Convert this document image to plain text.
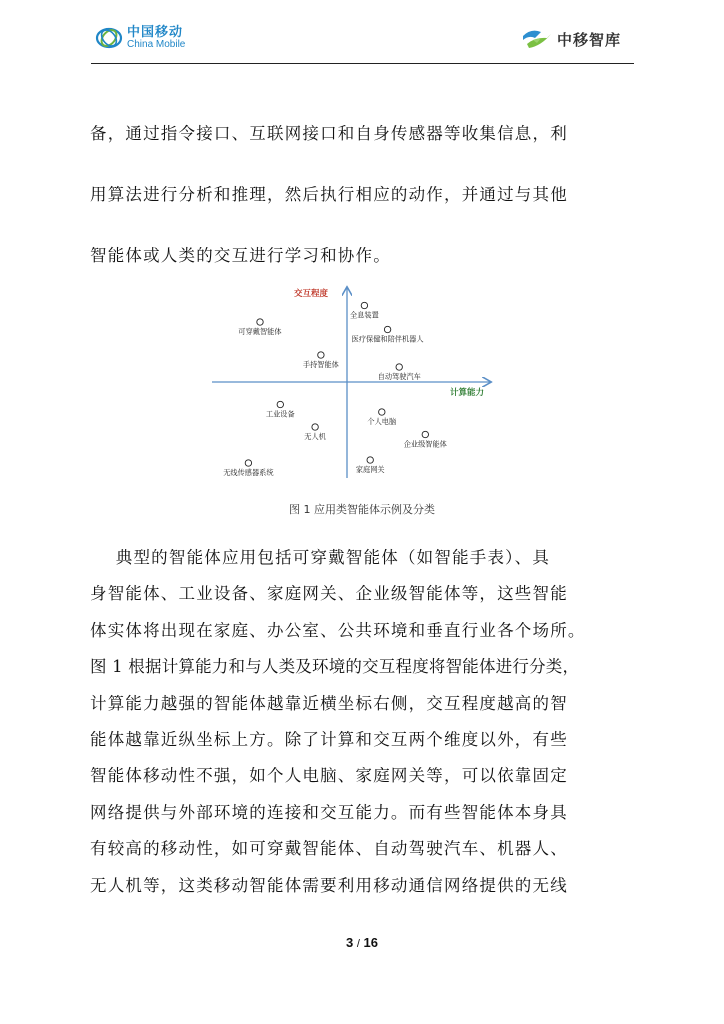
中国移动
China Mobile	中移智库
备，通过指令接口、互联网接口和自身传感器等收集信息，利
用算法进行分析和推理，然后执行相应的动作，并通过与其他
智能体或人类的交互进行学习和协作。
交互程度
计算能力
全息装置
可穿戴智能体
医疗保健和陪伴机器人
手持智能体
自动驾驶汽车
工业设备
个人电脑
无人机
企业级智能体
无线传感器系统	家庭网关
图 1 应用类智能体示例及分类
典型的智能体应用包括可穿戴智能体（如智能手表）、具
身智能体、工业设备、家庭网关、企业级智能体等，这些智能
体实体将出现在家庭、办公室、公共环境和垂直行业各个场所。
图 1 根据计算能力和与人类及环境的交互程度将智能体进行分类，
计算能力越强的智能体越靠近横坐标右侧，交互程度越高的智
能体越靠近纵坐标上方。除了计算和交互两个维度以外，有些
智能体移动性不强，如个人电脑、家庭网关等，可以依靠固定
网络提供与外部环境的连接和交互能力。而有些智能体本身具
有较高的移动性，如可穿戴智能体、自动驾驶汽车、机器人、
无人机等，这类移动智能体需要利用移动通信网络提供的无线
3 / 16
